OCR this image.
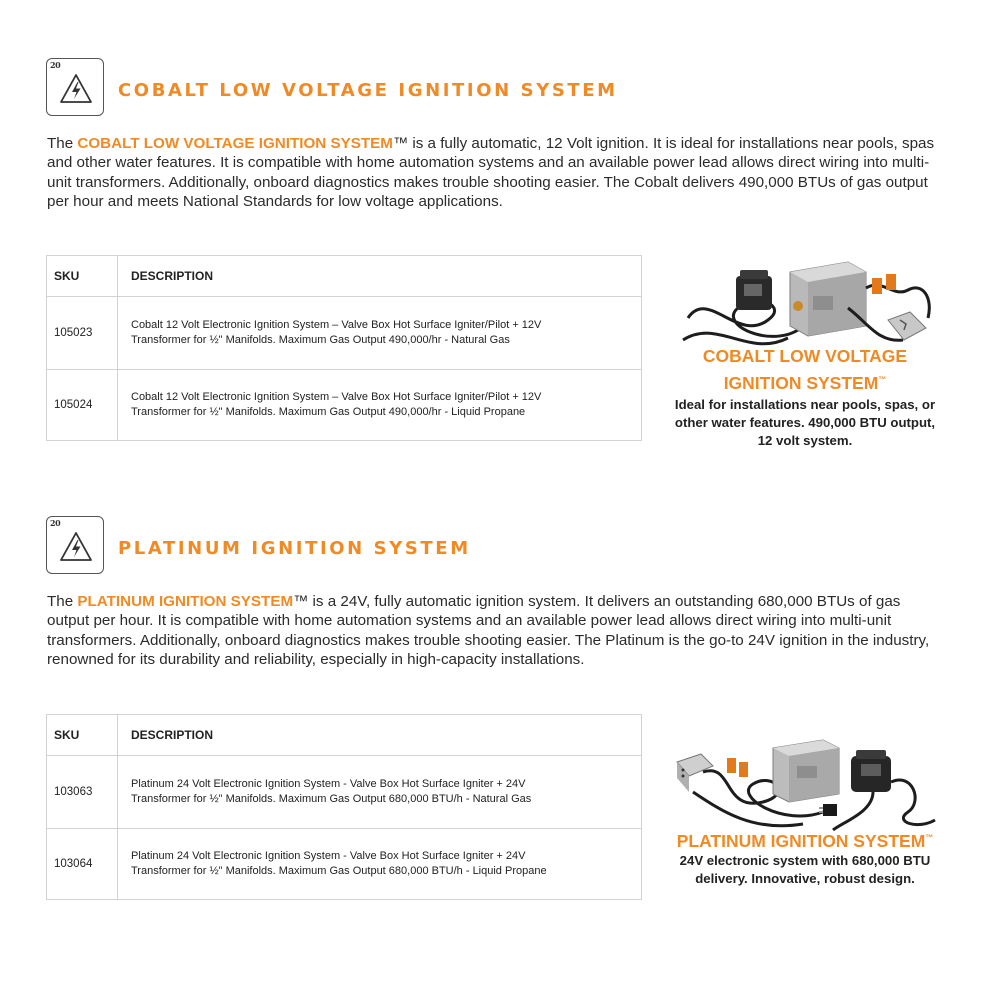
20
COBALT LOW VOLTAGE IGNITION SYSTEM

The COBALT LOW VOLTAGE IGNITION SYSTEM™ is a fully automatic, 12 Volt ignition. It is ideal for installations near pools, spas and other water features. It is compatible with home automation systems and an available power lead allows direct wiring into multi-unit transformers. Additionally, onboard diagnostics makes trouble shooting easier. The Cobalt delivers 490,000 BTUs of gas output per hour and meets National Standards for low voltage applications.

SKU	DESCRIPTION
105023	Cobalt 12 Volt Electronic Ignition System – Valve Box Hot Surface Igniter/Pilot + 12V
Transformer for ½" Manifolds. Maximum Gas Output 490,000/hr - Natural Gas
105024	Cobalt 12 Volt Electronic Ignition System – Valve Box Hot Surface Igniter/Pilot + 12V
Transformer for ½" Manifolds. Maximum Gas Output 490,000/hr - Liquid Propane
COBALT LOW VOLTAGE
IGNITION SYSTEM™
Ideal for installations near pools, spas, or
other water features. 490,000 BTU output,
12 volt system.
20
PLATINUM IGNITION SYSTEM

The PLATINUM IGNITION SYSTEM™ is a 24V, fully automatic ignition system. It delivers an outstanding 680,000 BTUs of gas output per hour. It is compatible with home automation systems and an available power lead allows direct wiring into multi-unit transformers. Additionally, onboard diagnostics makes trouble shooting easier. The Platinum is the go-to 24V ignition in the industry, renowned for its durability and reliability, especially in high-capacity installations.

SKU	DESCRIPTION
103063	Platinum 24 Volt Electronic Ignition System - Valve Box Hot Surface Igniter + 24V
Transformer for ½" Manifolds. Maximum Gas Output 680,000 BTU/h - Natural Gas
103064	Platinum 24 Volt Electronic Ignition System - Valve Box Hot Surface Igniter + 24V
Transformer for ½" Manifolds. Maximum Gas Output 680,000 BTU/h - Liquid Propane
PLATINUM IGNITION SYSTEM™
24V electronic system with 680,000 BTU
delivery. Innovative, robust design.
